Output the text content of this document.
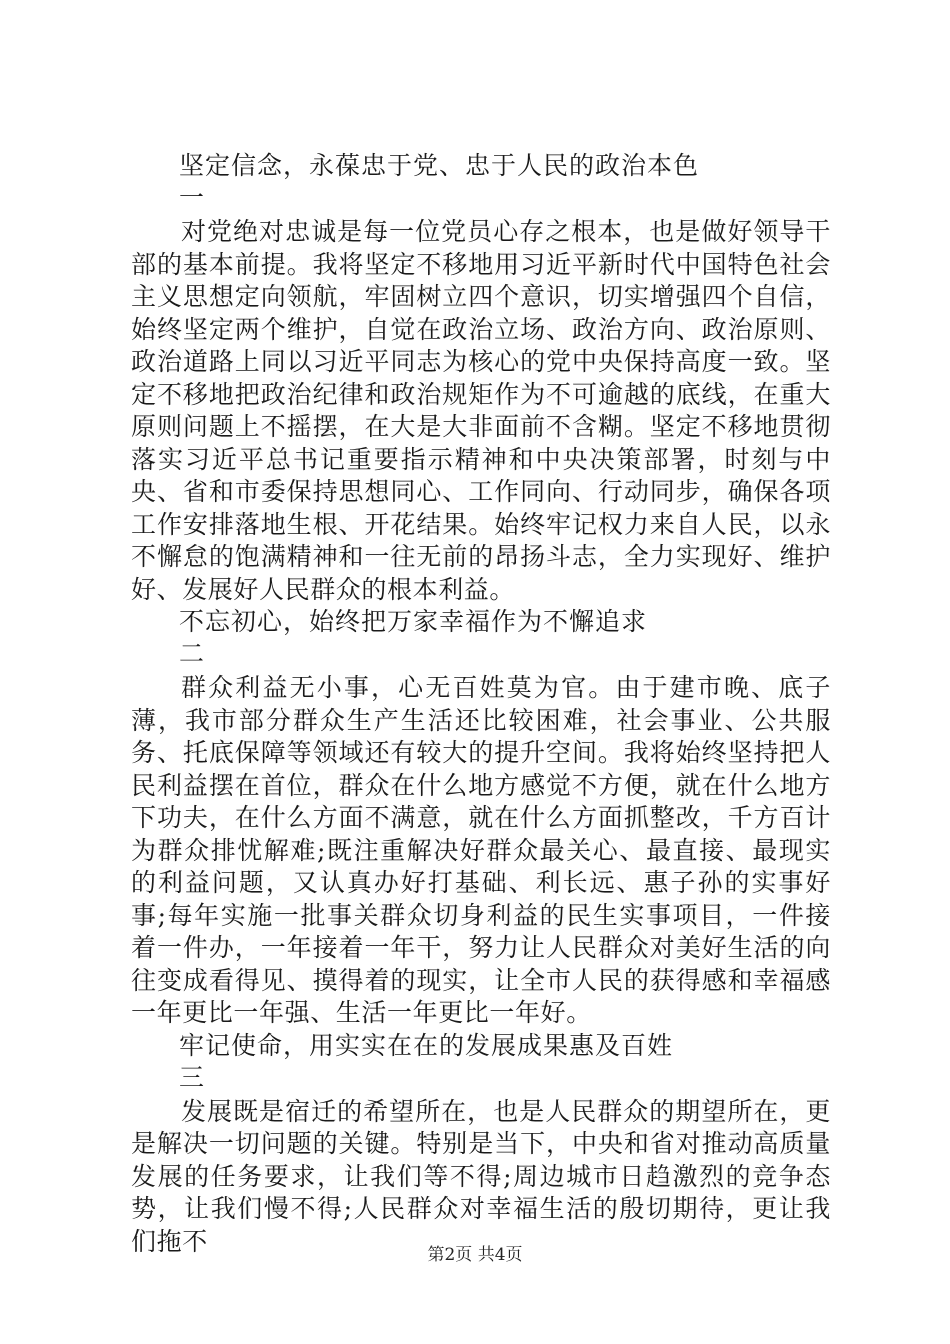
坚定信念，永葆忠于党、忠于人民的政治本色

一

对党绝对忠诚是每一位党员心存之根本，也是做好领导干部的基本前提。我将坚定不移地用习近平新时代中国特色社会主义思想定向领航，牢固树立四个意识，切实增强四个自信，始终坚定两个维护，自觉在政治立场、政治方向、政治原则、政治道路上同以习近平同志为核心的党中央保持高度一致。坚定不移地把政治纪律和政治规矩作为不可逾越的底线，在重大原则问题上不摇摆，在大是大非面前不含糊。坚定不移地贯彻落实习近平总书记重要指示精神和中央决策部署，时刻与中央、省和市委保持思想同心、工作同向、行动同步，确保各项工作安排落地生根、开花结果。始终牢记权力来自人民，以永不懈怠的饱满精神和一往无前的昂扬斗志，全力实现好、维护好、发展好人民群众的根本利益。

不忘初心，始终把万家幸福作为不懈追求

二

群众利益无小事，心无百姓莫为官。由于建市晚、底子薄，我市部分群众生产生活还比较困难，社会事业、公共服务、托底保障等领域还有较大的提升空间。我将始终坚持把人民利益摆在首位，群众在什么地方感觉不方便，就在什么地方下功夫，在什么方面不满意，就在什么方面抓整改，千方百计为群众排忧解难;既注重解决好群众最关心、最直接、最现实的利益问题，又认真办好打基础、利长远、惠子孙的实事好事;每年实施一批事关群众切身利益的民生实事项目，一件接着一件办，一年接着一年干，努力让人民群众对美好生活的向往变成看得见、摸得着的现实，让全市人民的获得感和幸福感一年更比一年强、生活一年更比一年好。

牢记使命，用实实在在的发展成果惠及百姓

三

发展既是宿迁的希望所在，也是人民群众的期望所在，更是解决一切问题的关键。特别是当下，中央和省对推动高质量发展的任务要求，让我们等不得;周边城市日趋激烈的竞争态势，让我们慢不得;人民群众对幸福生活的殷切期待，更让我们拖不	第2页 共4页
